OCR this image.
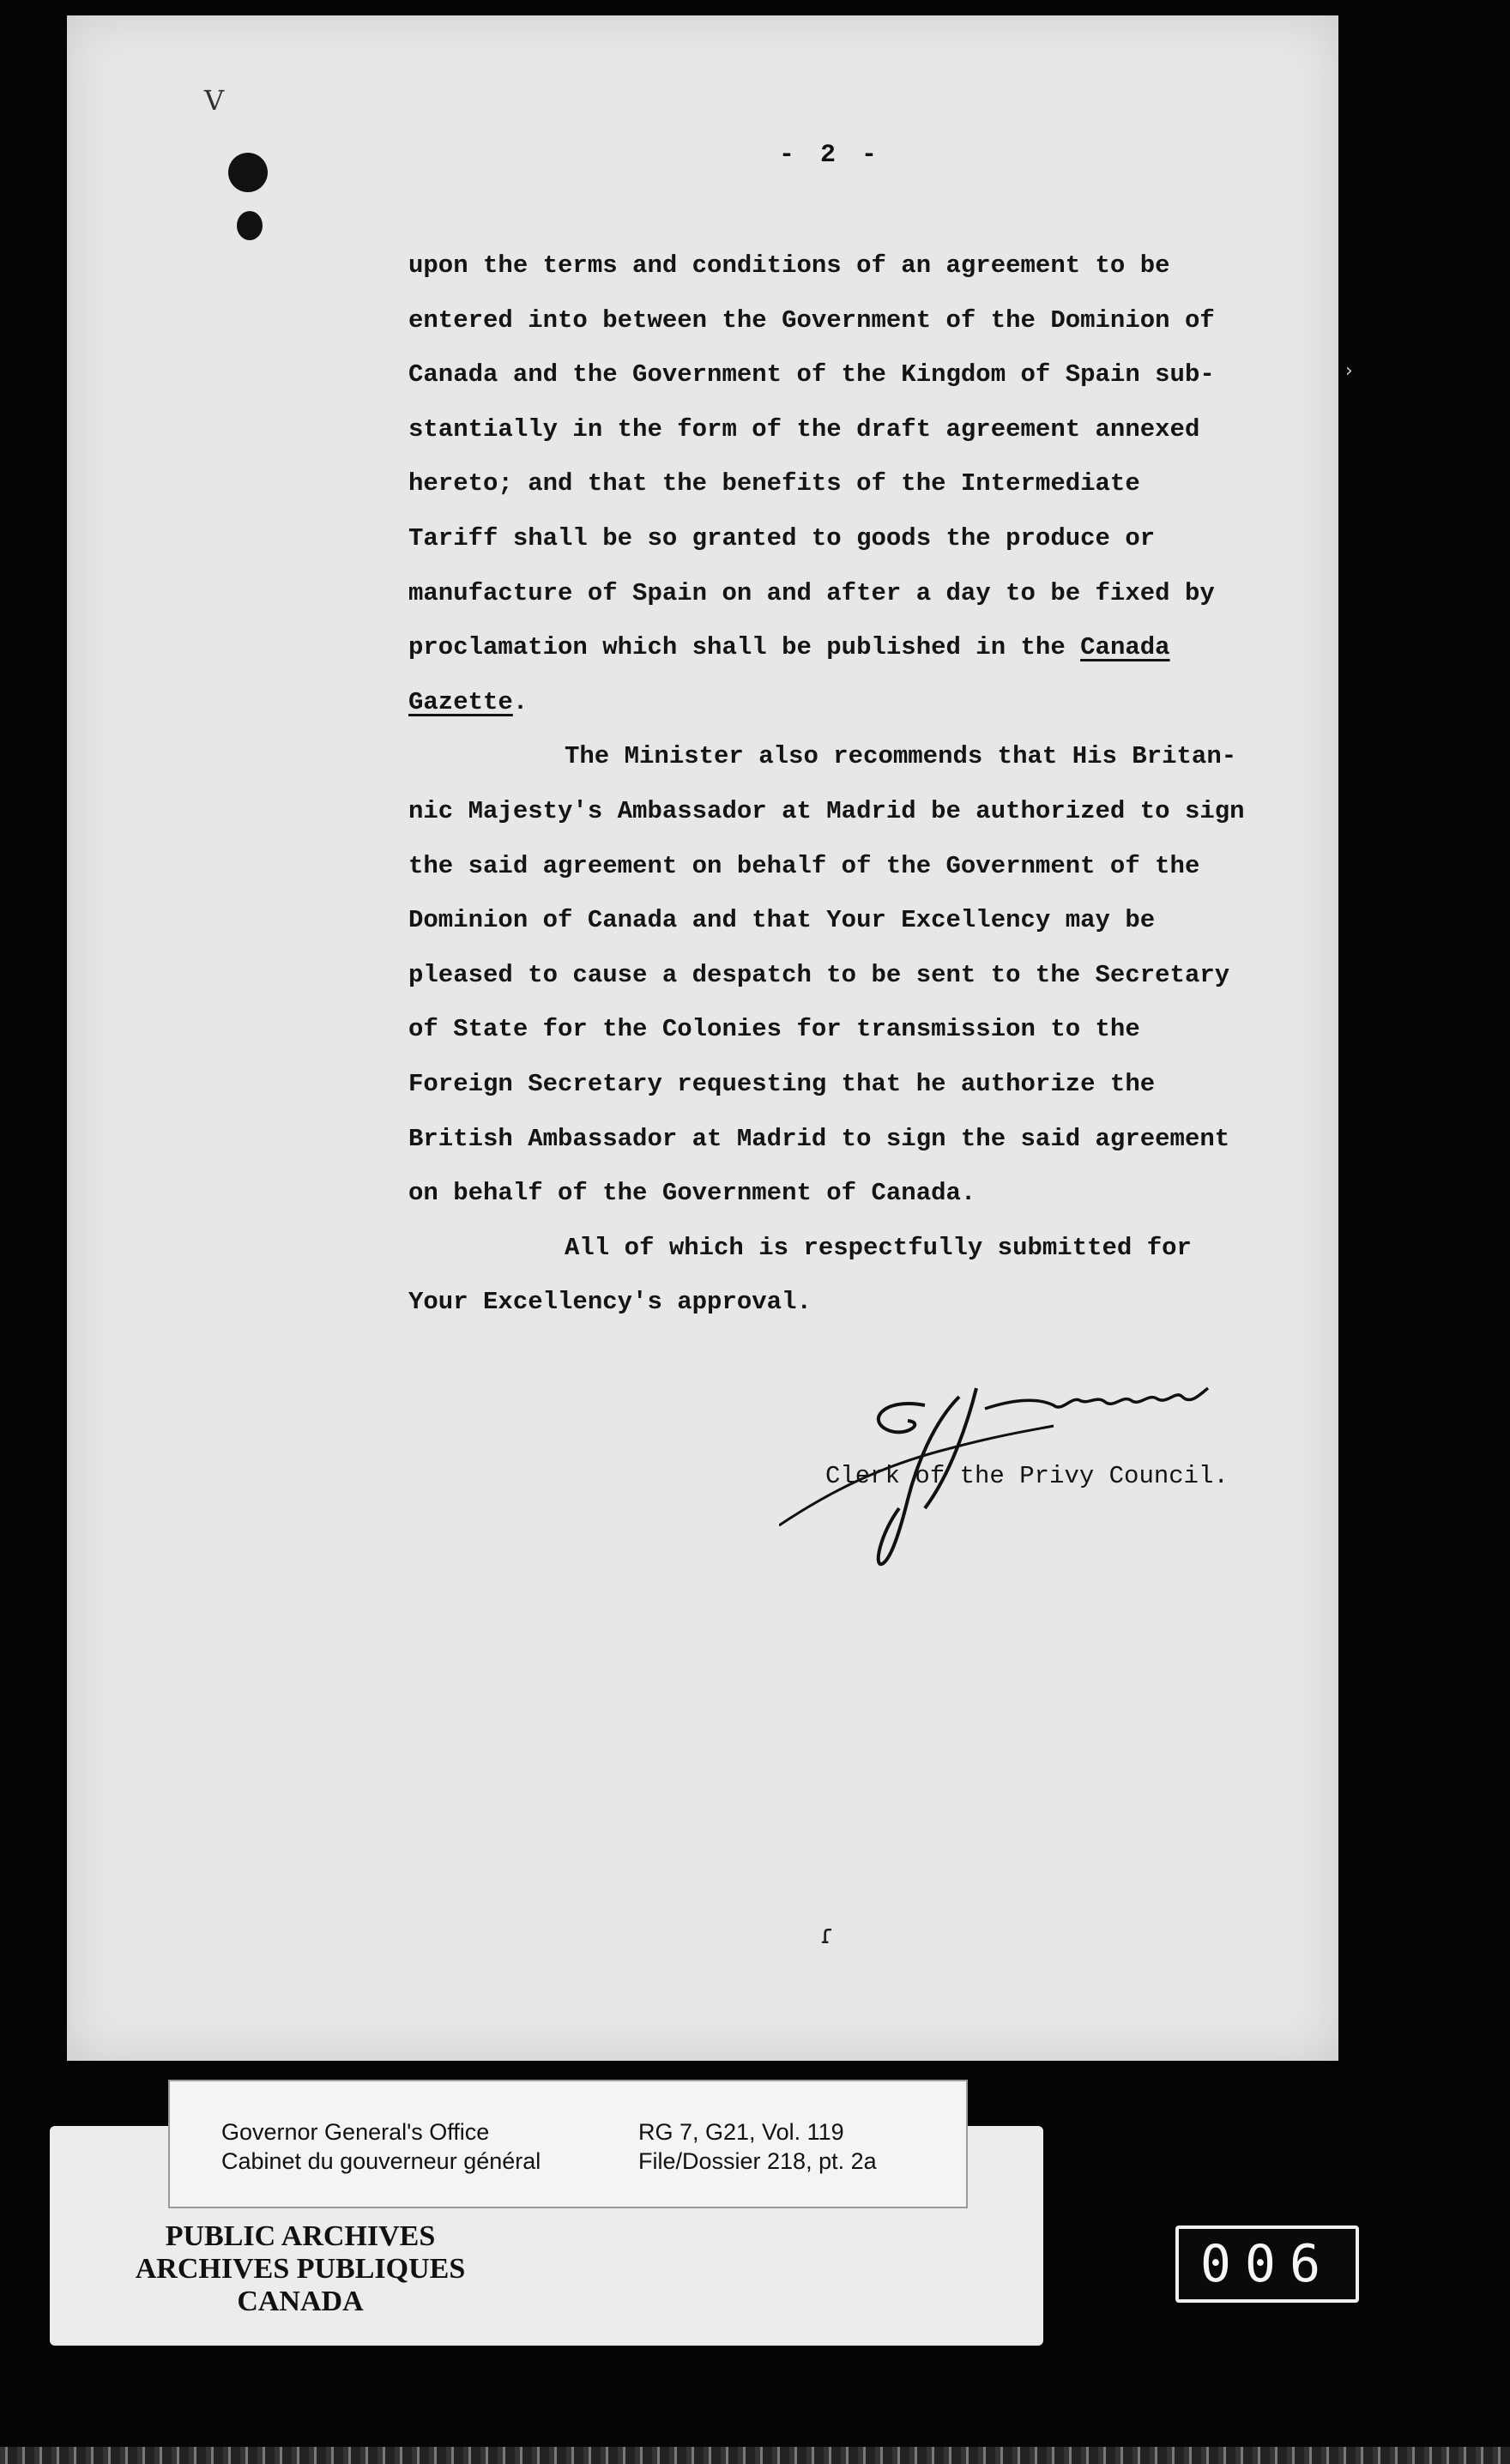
V
- 2 -
upon the terms and conditions of an agreement to be
entered into between the Government of the Dominion of
Canada and the Government of the Kingdom of Spain sub-
stantially in the form of the draft agreement annexed
hereto; and that the benefits of the Intermediate
Tariff shall be so granted to goods the produce or
manufacture of Spain on and after a day to be fixed by
proclamation which shall be published in the Canada
Gazette.
The Minister also recommends that His Britan-
nic Majesty's Ambassador at Madrid be authorized to sign
the said agreement on behalf of the Government of the
Dominion of Canada and that Your Excellency may be
pleased to cause a despatch to be sent to the Secretary
of State for the Colonies for transmission to the
Foreign Secretary requesting that he authorize the
British Ambassador at Madrid to sign the said agreement
on behalf of the Government of Canada.
All of which is respectfully submitted for
Your Excellency's approval.
Clerk of the Privy Council.
ɾ
›
Governor General's Office
Cabinet du gouverneur général
RG 7, G21, Vol. 119
File/Dossier 218, pt. 2a
PUBLIC ARCHIVES
ARCHIVES PUBLIQUES
CANADA
006
